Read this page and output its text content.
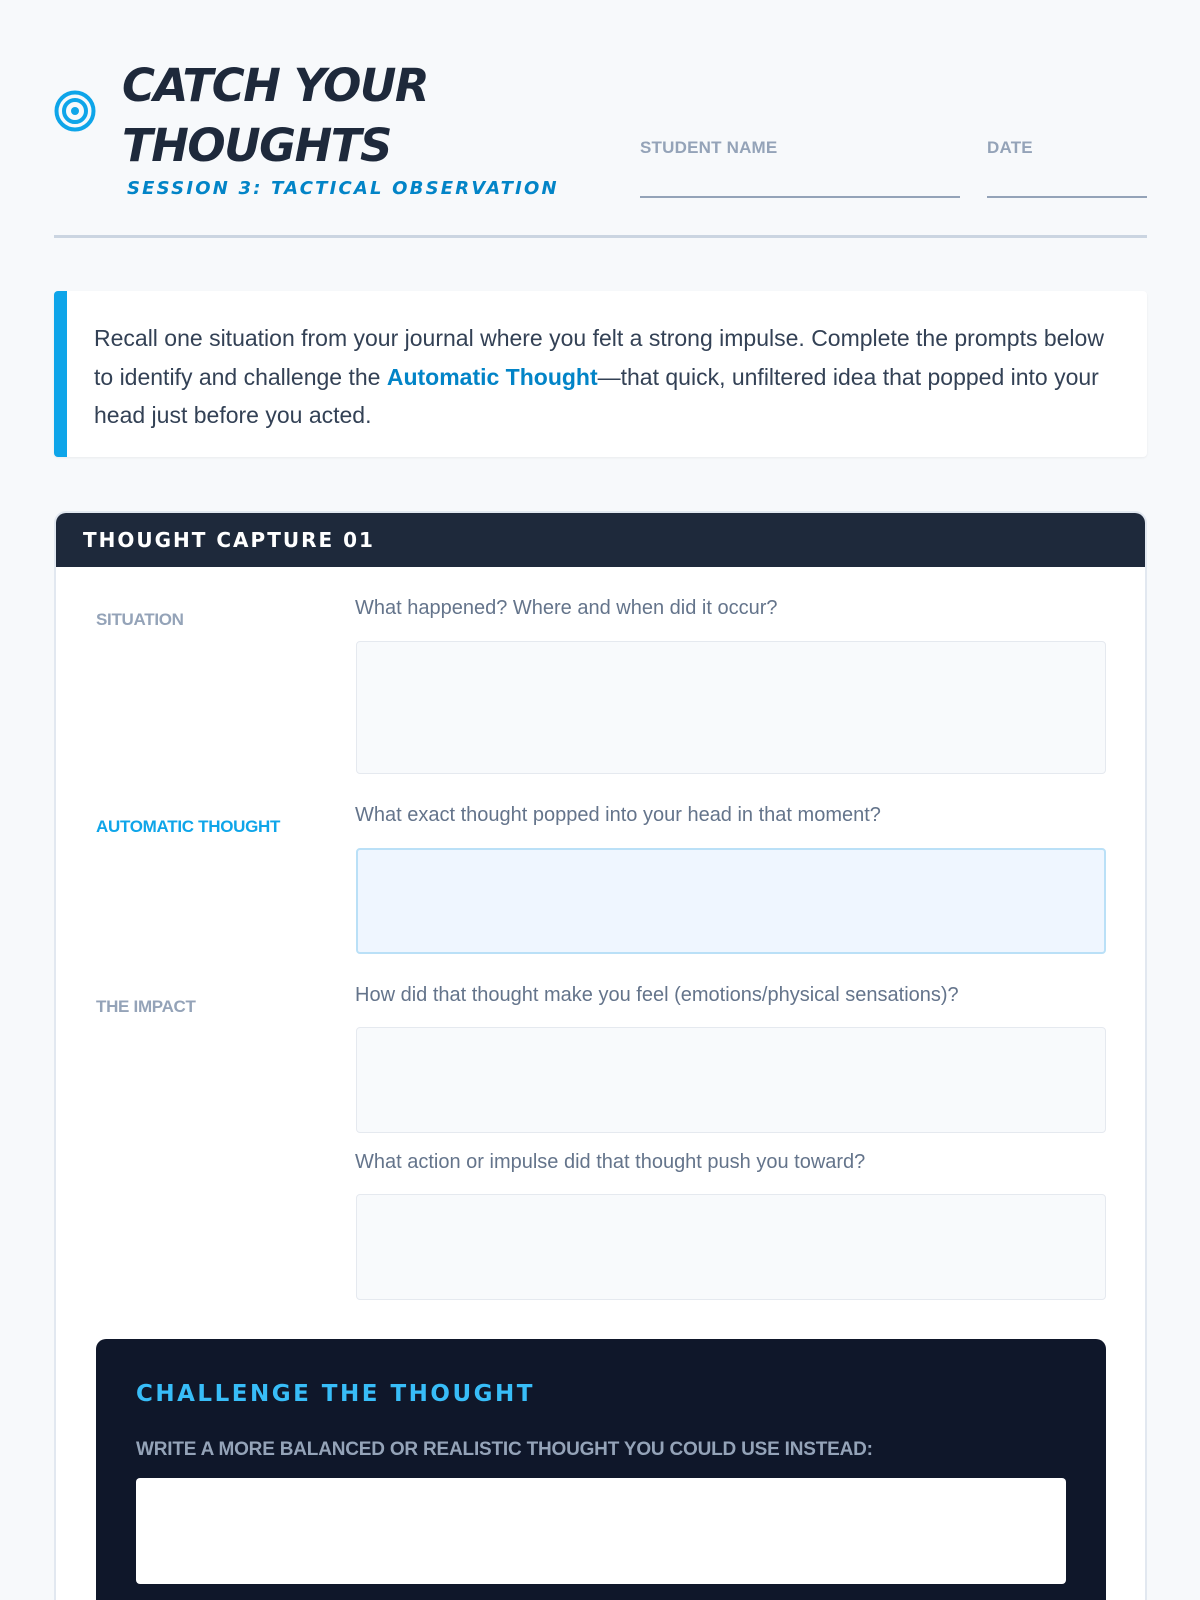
CATCH YOUR THOUGHTS
SESSION 3: TACTICAL OBSERVATION
STUDENT NAME	DATE
Recall one situation from your journal where you felt a strong impulse. Complete the prompts below to identify and challenge the Automatic Thought—that quick, unfiltered idea that popped into your head just before you acted.
THOUGHT CAPTURE 01
SITUATION
What happened? Where and when did it occur?
AUTOMATIC THOUGHT
What exact thought popped into your head in that moment?
THE IMPACT
How did that thought make you feel (emotions/physical sensations)?
What action or impulse did that thought push you toward?
CHALLENGE THE THOUGHT
WRITE A MORE BALANCED OR REALISTIC THOUGHT YOU COULD USE INSTEAD:
